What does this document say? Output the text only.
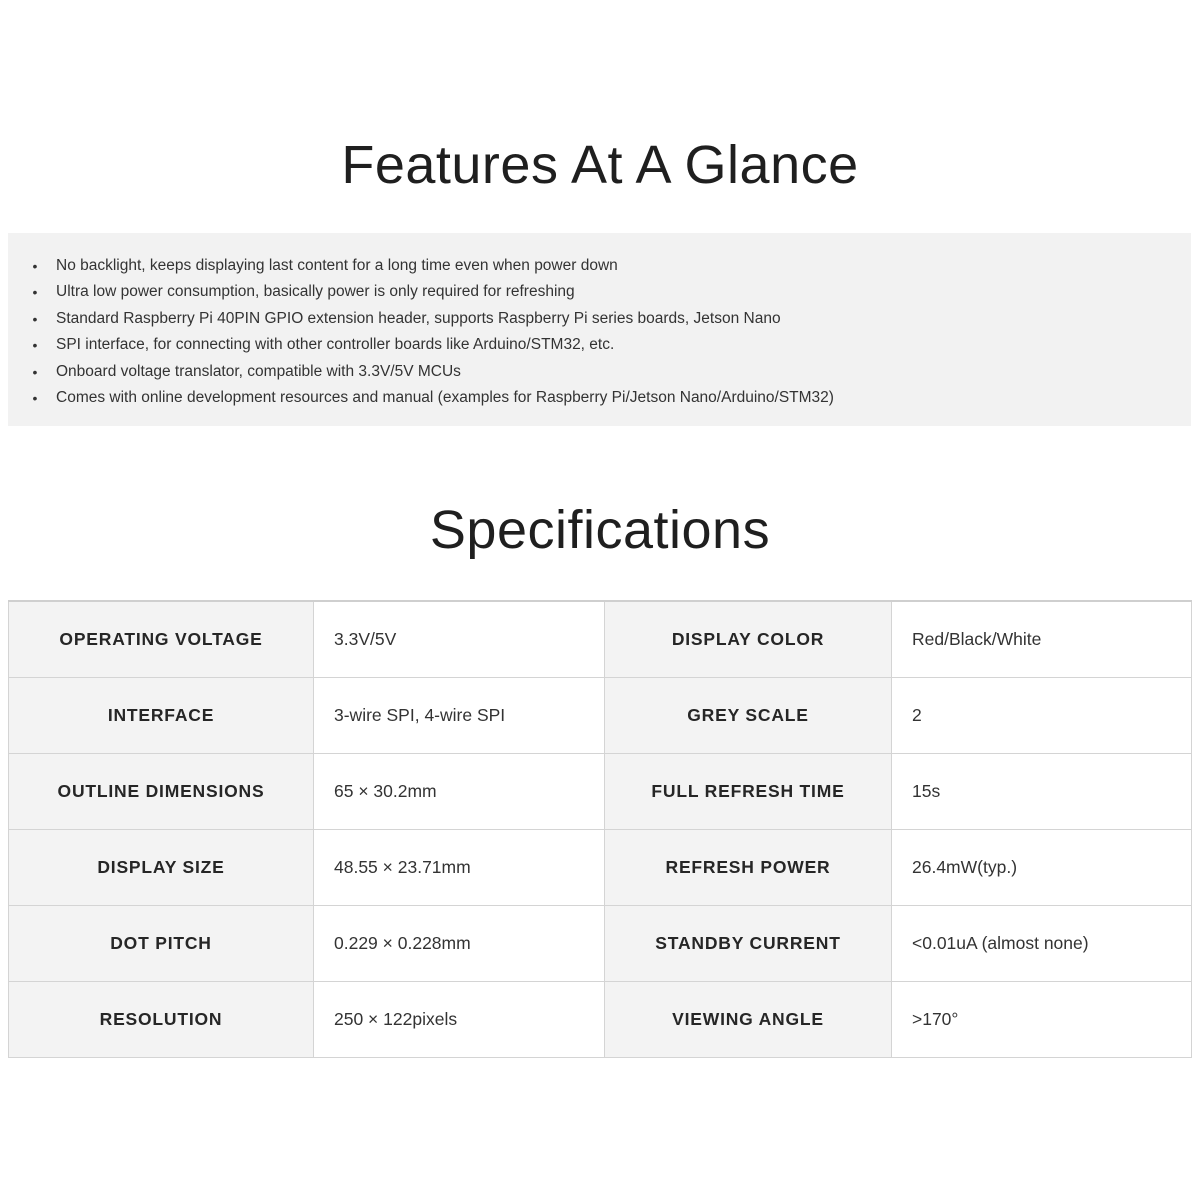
Features At A Glance
• No backlight, keeps displaying last content for a long time even when power down
• Ultra low power consumption, basically power is only required for refreshing
• Standard Raspberry Pi 40PIN GPIO extension header, supports Raspberry Pi series boards, Jetson Nano
• SPI interface, for connecting with other controller boards like Arduino/STM32, etc.
• Onboard voltage translator, compatible with 3.3V/5V MCUs
• Comes with online development resources and manual (examples for Raspberry Pi/Jetson Nano/Arduino/STM32)
Specifications
OPERATING VOLTAGE	3.3V/5V	DISPLAY COLOR	Red/Black/White
INTERFACE	3-wire SPI, 4-wire SPI	GREY SCALE	2
OUTLINE DIMENSIONS	65 × 30.2mm	FULL REFRESH TIME	15s
DISPLAY SIZE	48.55 × 23.71mm	REFRESH POWER	26.4mW(typ.)
DOT PITCH	0.229 × 0.228mm	STANDBY CURRENT	<0.01uA (almost none)
RESOLUTION	250 × 122pixels	VIEWING ANGLE	>170°
